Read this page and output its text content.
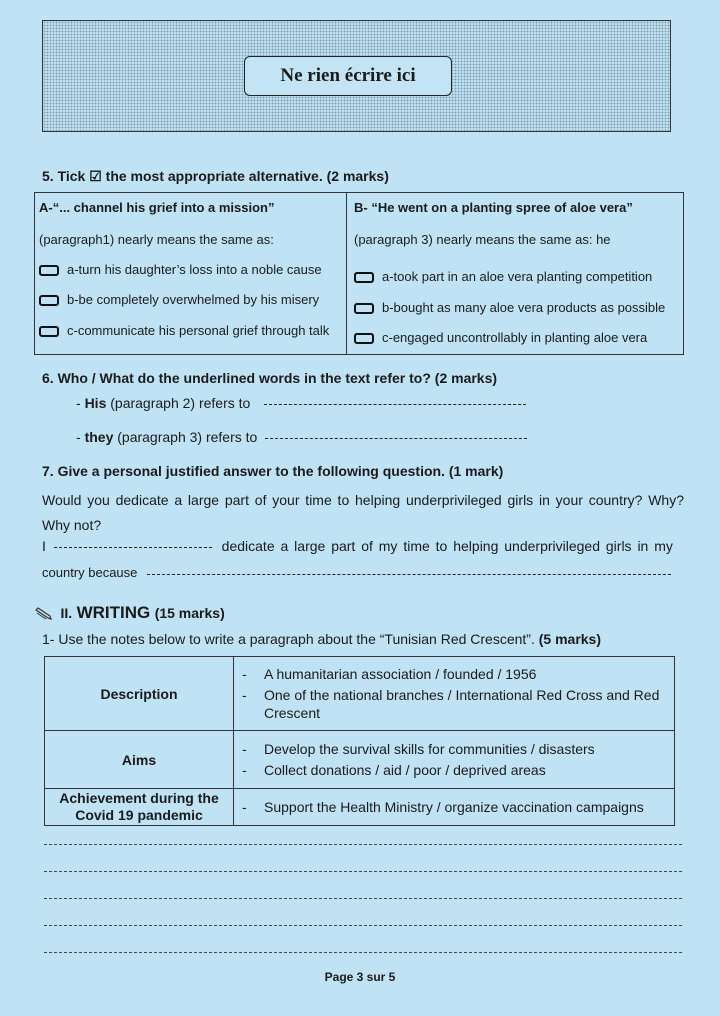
Ne rien écrire ici
5. Tick ☑ the most appropriate alternative. (2 marks)
A-“... channel his grief into a mission”
(paragraph1) nearly means the same as:
a-turn his daughter’s loss into a noble cause
b-be completely overwhelmed by his misery
c-communicate his personal grief through talk
B- “He went on a planting spree of aloe vera”
(paragraph 3) nearly means the same as: he
a-took part in an aloe vera planting competition
b-bought as many aloe vera products as possible
c-engaged uncontrollably in planting aloe vera
6. Who / What do the underlined words in the text refer to? (2 marks)
- His (paragraph 2) refers to
- they (paragraph 3) refers to
7. Give a personal justified answer to the following question. (1 mark)
Would you dedicate a large part of your time to helping underprivileged girls in your country? Why? Why not?
I	dedicate a large part of my time to helping underprivileged girls in my
country because
II. WRITING (15 marks)
1- Use the notes below to write a paragraph about the “Tunisian Red Crescent”. (5 marks)
Description	- A humanitarian association / founded / 1956
- One of the national branches / International Red Cross and Red Crescent

Aims	- Develop the survival skills for communities / disasters
- Collect donations / aid / poor / deprived areas

Achievement during the Covid 19 pandemic	- Support the Health Ministry / organize vaccination campaigns
Page 3 sur 5
